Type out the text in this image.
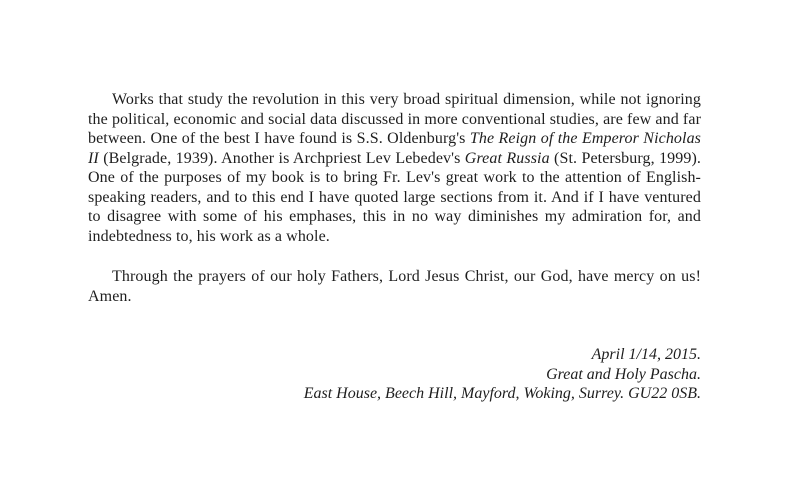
Works that study the revolution in this very broad spiritual dimension, while not ignoring the political, economic and social data discussed in more conventional studies, are few and far between. One of the best I have found is S.S. Oldenburg's The Reign of the Emperor Nicholas II (Belgrade, 1939). Another is Archpriest Lev Lebedev's Great Russia (St. Petersburg, 1999). One of the purposes of my book is to bring Fr. Lev's great work to the attention of English-speaking readers, and to this end I have quoted large sections from it. And if I have ventured to disagree with some of his emphases, this in no way diminishes my admiration for, and indebtedness to, his work as a whole.

Through the prayers of our holy Fathers, Lord Jesus Christ, our God, have mercy on us! Amen.

April 1/14, 2015.
Great and Holy Pascha.
East House, Beech Hill, Mayford, Woking, Surrey. GU22 0SB.
